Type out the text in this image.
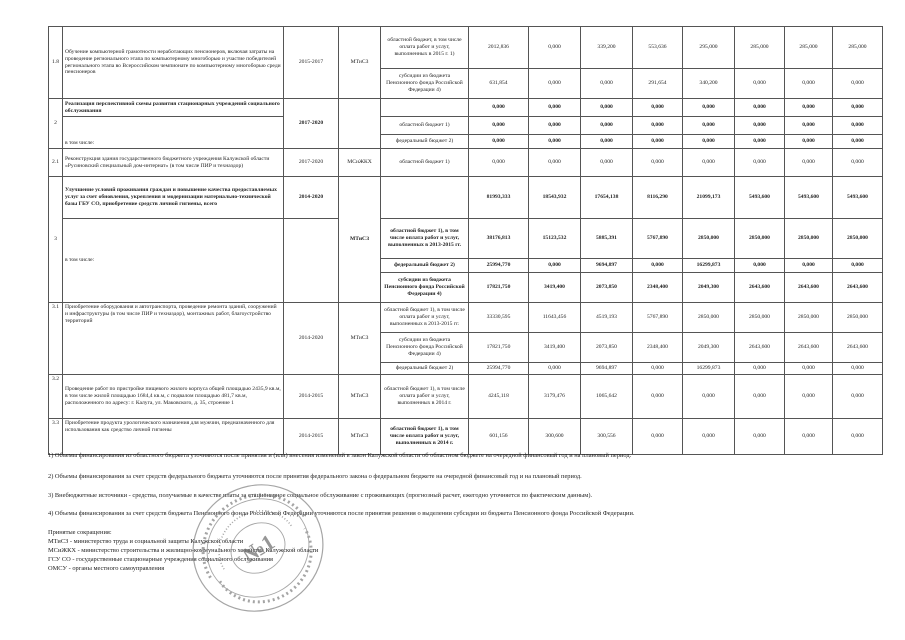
1.8	Обучение компьютерной грамотности неработающих пенсионеров, включая затраты на проведение регионального этапа по компьютерному многоборью и участие победителей регионального этапа во Всероссийском чемпионате по компьютерному многоборью среди пенсионеров	2015-2017	МТиСЗ	областной бюджет, в том числе оплата работ и услуг, выполненных в 2015 г. 1)	2012,836	0,000	339,200	553,636	295,000	285,000	285,000	285,000
				субсидии из бюджета Пенсионного фонда Российской Федерации 4)	631,854	0,000	0,000	291,654	340,200	0,000	0,000	0,000
2	Реализация перспективной схемы развития стационарных учреждений социального обслуживания	2017-2020			0,000	0,000	0,000	0,000	0,000	0,000	0,000	0,000
	в том числе:			областной бюджет 1)	0,000	0,000	0,000	0,000	0,000	0,000	0,000	0,000
				федеральный бюджет 2)	0,000	0,000	0,000	0,000	0,000	0,000	0,000	0,000
2.1	Реконструкция здания государственного бюджетного учреждения Калужской области «Русиновский специальный дом-интернат» (в том числе ПИР и техназдор)	2017-2020	МСиЖКХ	областной бюджет 1)	0,000	0,000	0,000	0,000	0,000	0,000	0,000	0,000
3	Улучшение условий проживания граждан и повышение качества предоставляемых услуг за счет обновления, укрепления и модернизации материально-технической базы ГБУ СО, приобретение средств личной гигиены, всего	2014-2020	МТиСЗ		81993,333	18543,932	17654,138	8116,290	21099,173	5493,600	5493,600	5493,600
	в том числе:			областной бюджет 1), в том числе оплата работ и услуг, выполненных в 2013-2015 гг.	38176,813	15123,532	5885,391	5767,890	2850,000	2850,000	2850,000	2850,000
				федеральный бюджет 2)	25994,770	0,000	9694,897	0,000	16299,873	0,000	0,000	0,000
				субсидии из бюджета Пенсионного фонда Российской Федерации 4)	17821,750	3419,400	2073,850	2348,400	2049,300	2643,600	2643,600	2643,600
3.1	Приобретение оборудования и автотранспорта, проведение ремонта зданий, сооружений и инфраструктуры (в том числе ПИР и техназдор), монтажных работ, благоустройство территорий	2014-2020	МТиСЗ	областной бюджет 1), в том числе оплата работ и услуг, выполненных в 2013-2015 гг.	33330,595	11643,456	4519,193	5767,890	2850,000	2850,000	2850,000	2850,000
				субсидии из бюджета Пенсионного фонда Российской Федерации 4)	17821,750	3419,400	2073,850	2348,400	2049,300	2643,600	2643,600	2643,600
				федеральный бюджет 2)	25994,770	0,000	9694,897	0,000	16299,873	0,000	0,000	0,000
3.2	Проведение работ по пристройке пищевого жилого корпуса общей площадью 2435,9 кв.м, в том числе жилой площадью 1684,4 кв.м, с подвалом площадью 481,7 кв.м, расположенного по адресу: г. Калуга, ул. Маковского, д. 35, строение 1	2014-2015	МТиСЗ	областной бюджет 1), в том числе оплата работ и услуг, выполненных в 2014 г.	4245,118	3179,476	1065,642	0,000	0,000	0,000	0,000	0,000
3.3	Приобретение продукта урологического назначения для мужчин, предназначенного для использования как средство личной гигиены	2014-2015	МТиСЗ	областной бюджет 1), в том числе оплата работ и услуг, выполненных в 2014 г.	601,156	300,600	300,556	0,000	0,000	0,000	0,000	0,000

1) Объемы финансирования из областного бюджета уточняются после принятия и (или) внесения изменений в закон Калужской области об областном бюджете на очередной финансовый год и на плановый период.

2) Объемы финансирования за счет средств федерального бюджета уточняются после принятия федерального закона о федеральном бюджете на очередной финансовый год и на плановый период.

3) Внебюджетные источники - средства, получаемые в качестве платы за стационарное социальное обслуживание с проживающих (прогнозный расчет, ежегодно уточняется по фактическим данным).

4) Объемы финансирования за счет средств бюджета Пенсионного фонда Российской Федерации уточняются после принятия решения о выделении субсидии из бюджета Пенсионного фонда Российской Федерации.

Принятые сокращения:

МТиСЗ - министерство труда и социальной защиты Калужской области

МСиЖКХ - министерство строительства и жилищно-коммунального хозяйства Калужской области

ГСУ СО - государственные стационарные учреждения социального обслуживания

ОМСУ - органы местного самоуправления

№1
